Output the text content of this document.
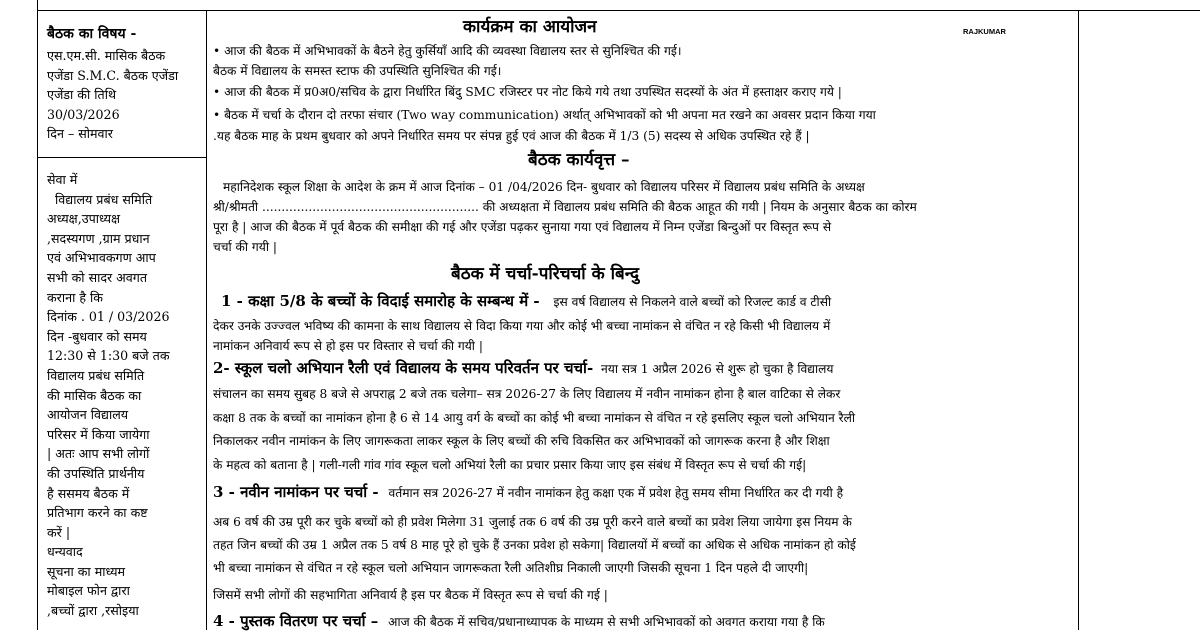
बैठक का विषय -
एस.एम.सी. मासिक बैठक
एजेंडा S.M.C. बैठक एजेंडा
एजेंडा की तिथि
30/03/2026
दिन – सोमवार
सेवा में
विद्यालय प्रबंध समिति
अध्यक्ष,उपाध्यक्ष
,सदस्यगण ,ग्राम प्रधान
एवं अभिभावकगण आप
सभी को सादर अवगत
कराना है कि
दिनांक . 01 / 03/2026
दिन -बुधवार को समय
12:30 से 1:30 बजे तक
विद्यालय प्रबंध समिति
की मासिक बैठक का
आयोजन विद्यालय
परिसर में किया जायेगा
| अतः आप सभी लोगों
की उपस्थिति प्रार्थनीय
है ससमय बैठक में
प्रतिभाग करने का कष्ट
करें |
धन्यवाद
सूचना का माध्यम
मोबाइल फोन द्वारा
,बच्चों द्वारा ,रसोइया
कार्यक्रम का आयोजन	RAJKUMAR
• आज की बैठक में अभिभावकों के बैठने हेतु कुर्सियाँ आदि की व्यवस्था विद्यालय स्तर से सुनिश्चित की गई।
बैठक में विद्यालय के समस्त स्टाफ की उपस्थिति सुनिश्चित की गई।
• आज की बैठक में प्र0अ0/सचिव के द्वारा निर्धारित बिंदु SMC रजिस्टर पर नोट किये गये तथा उपस्थित सदस्यों के अंत में हस्ताक्षर कराए गये |
• बैठक में चर्चा के दौरान दो तरफा संचार (Two way communication) अर्थात् अभिभावकों को भी अपना मत रखने का अवसर प्रदान किया गया
.यह बैठक माह के प्रथम बुधवार को अपने निर्धारित समय पर संपन्न हुई एवं आज की बैठक में 1/3 (5) सदस्य से अधिक उपस्थित रहे हैं |
बैठक कार्यवृत्त –
महानिदेशक स्कूल शिक्षा के आदेश के क्रम में आज दिनांक – 01 /04/2026 दिन- बुधवार को विद्यालय परिसर में विद्यालय प्रबंध समिति के अध्यक्ष
श्री/श्रीमती ........................................................ की अध्यक्षता में विद्यालय प्रबंध समिति की बैठक आहूत की गयी | नियम के अनुसार बैठक का कोरम
पूरा है | आज की बैठक में पूर्व बैठक की समीक्षा की गई और एजेंडा पढ़कर सुनाया गया एवं विद्यालय में निम्न एजेंडा बिन्दुओं पर विस्तृत रूप से
चर्चा की गयी |
बैठक में चर्चा-परिचर्चा के बिन्दु
1 - कक्षा 5/8 के बच्चों के विदाई समारोह के सम्बन्ध में - इस वर्ष विद्यालय से निकलने वाले बच्चों को रिजल्ट कार्ड व टीसी
देकर उनके उज्ज्वल भविष्य की कामना के साथ विद्यालय से विदा किया गया और कोई भी बच्चा नामांकन से वंचित न रहे किसी भी विद्यालय में
नामांकन अनिवार्य रूप से हो इस पर विस्तार से चर्चा की गयी |
2- स्कूल चलो अभियान रैली एवं विद्यालय के समय परिवर्तन पर चर्चा- नया सत्र 1 अप्रैल 2026 से शुरू हो चुका है विद्यालय
संचालन का समय सुबह 8 बजे से अपराह्न 2 बजे तक चलेगा– सत्र 2026-27 के लिए विद्यालय में नवीन नामांकन होना है बाल वाटिका से लेकर
कक्षा 8 तक के बच्चों का नामांकन होना है 6 से 14 आयु वर्ग के बच्चों का कोई भी बच्चा नामांकन से वंचित न रहे इसलिए स्कूल चलो अभियान रैली
निकालकर नवीन नामांकन के लिए जागरूकता लाकर स्कूल के लिए बच्चों की रुचि विकसित कर अभिभावकों को जागरूक करना है और शिक्षा
के महत्व को बताना है | गली-गली गांव गांव स्कूल चलो अभियां रैली का प्रचार प्रसार किया जाए इस संबंध में विस्तृत रूप से चर्चा की गई|
3 - नवीन नामांकन पर चर्चा - वर्तमान सत्र 2026-27 में नवीन नामांकन हेतु कक्षा एक में प्रवेश हेतु समय सीमा निर्धारित कर दी गयी है
अब 6 वर्ष की उम्र पूरी कर चुके बच्चों को ही प्रवेश मिलेगा 31 जुलाई तक 6 वर्ष की उम्र पूरी करने वाले बच्चों का प्रवेश लिया जायेगा इस नियम के
तहत जिन बच्चों की उम्र 1 अप्रैल तक 5 वर्ष 8 माह पूरे हो चुके हैं उनका प्रवेश हो सकेगा| विद्यालयों में बच्चों का अधिक से अधिक नामांकन हो कोई
भी बच्चा नामांकन से वंचित न रहे स्कूल चलो अभियान जागरूकता रैली अतिशीघ्र निकाली जाएगी जिसकी सूचना 1 दिन पहले दी जाएगी|
जिसमें सभी लोगों की सहभागिता अनिवार्य है इस पर बैठक में विस्तृत रूप से चर्चा की गई |
4 - पुस्तक वितरण पर चर्चा – आज की बैठक में सचिव/प्रधानाध्यापक के माध्यम से सभी अभिभावकों को अवगत कराया गया है कि
